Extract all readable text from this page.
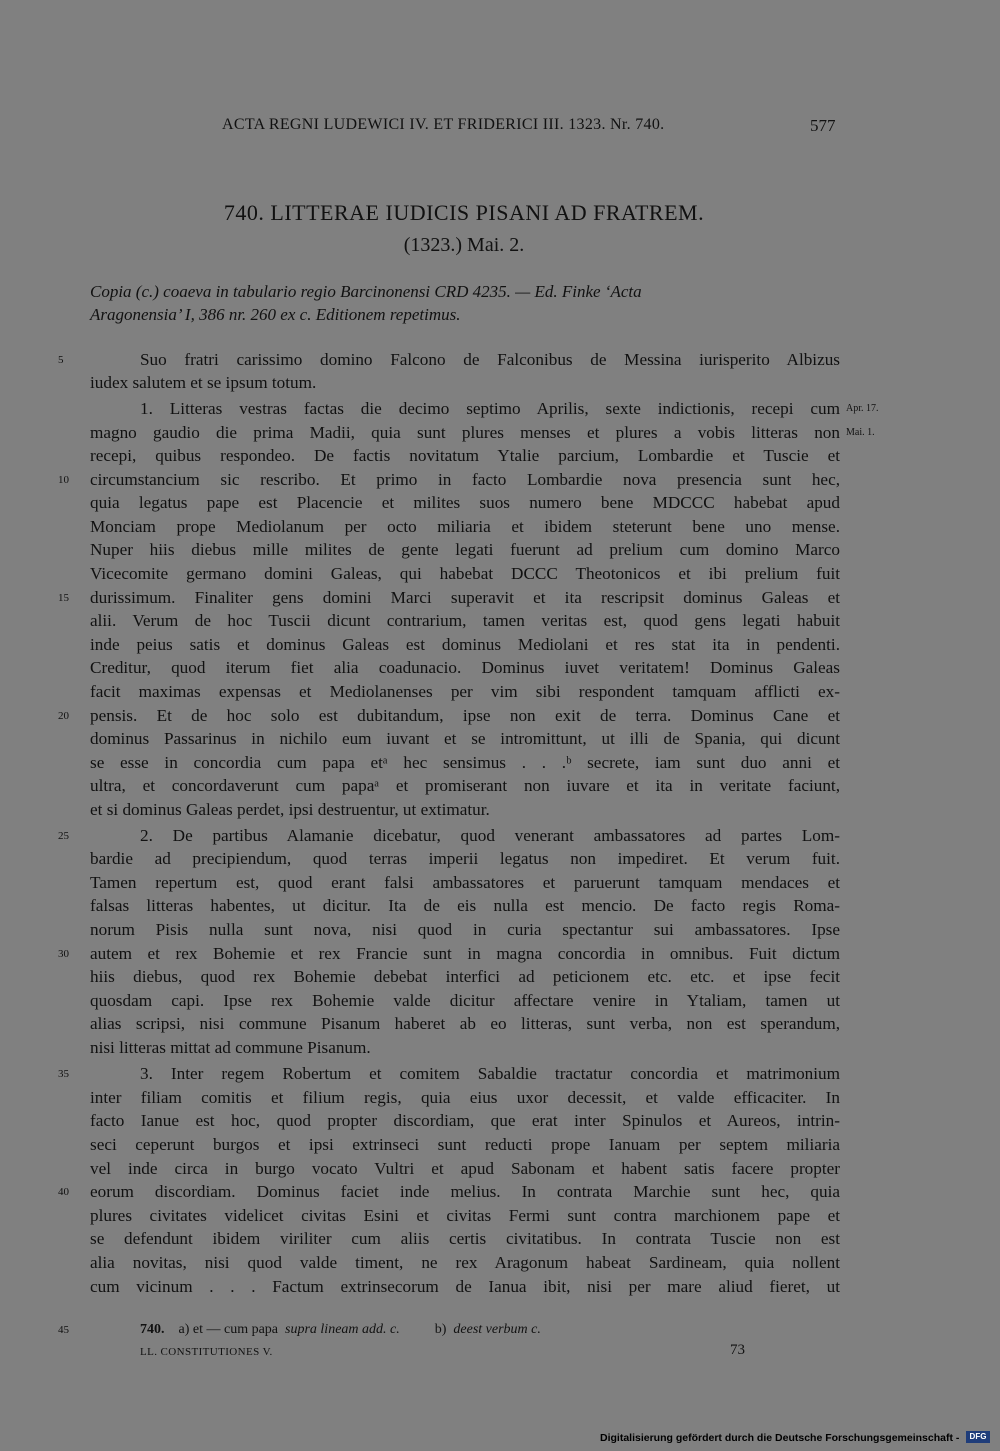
ACTA REGNI LUDEWICI IV. ET FRIDERICI III. 1323. Nr. 740.	577
740. LITTERAE IUDICIS PISANI AD FRATREM.
(1323.) Mai. 2.
Copia (c.) coaeva in tabulario regio Barcinonensi CRD 4235. — Ed. Finke ‘Acta
Aragonensia’ I, 386 nr. 260 ex c. Editionem repetimus.
Suo fratri carissimo domino Falcono de Falconibus de Messina iurisperito Albizus
iudex salutem et se ipsum totum.
1. Litteras vestras factas die decimo septimo Aprilis, sexte indictionis, recepi cum
magno gaudio die prima Madii, quia sunt plures menses et plures a vobis litteras non
recepi, quibus respondeo. De factis novitatum Ytalie parcium, Lombardie et Tuscie et
circumstancium sic rescribo. Et primo in facto Lombardie nova presencia sunt hec,
quia legatus pape est Placencie et milites suos numero bene MDCCC habebat apud
Monciam prope Mediolanum per octo miliaria et ibidem steterunt bene uno mense.
Nuper hiis diebus mille milites de gente legati fuerunt ad prelium cum domino Marco
Vicecomite germano domini Galeas, qui habebat DCCC Theotonicos et ibi prelium fuit
durissimum. Finaliter gens domini Marci superavit et ita rescripsit dominus Galeas et
alii. Verum de hoc Tuscii dicunt contrarium, tamen veritas est, quod gens legati habuit
inde peius satis et dominus Galeas est dominus Mediolani et res stat ita in pendenti.
Creditur, quod iterum fiet alia coadunacio. Dominus iuvet veritatem! Dominus Galeas
facit maximas expensas et Mediolanenses per vim sibi respondent tamquam afflicti ex-
pensis. Et de hoc solo est dubitandum, ipse non exit de terra. Dominus Cane et
dominus Passarinus in nichilo eum iuvant et se intromittunt, ut illi de Spania, qui dicunt
se esse in concordia cum papa etᵃ hec sensimus . . .ᵇ secrete, iam sunt duo anni et
ultra, et concordaverunt cum papaᵃ et promiserant non iuvare et ita in veritate faciunt,
et si dominus Galeas perdet, ipsi destruentur, ut extimatur.
2. De partibus Alamanie dicebatur, quod venerant ambassatores ad partes Lom-
bardie ad precipiendum, quod terras imperii legatus non impediret. Et verum fuit.
Tamen repertum est, quod erant falsi ambassatores et paruerunt tamquam mendaces et
falsas litteras habentes, ut dicitur. Ita de eis nulla est mencio. De facto regis Roma-
norum Pisis nulla sunt nova, nisi quod in curia spectantur sui ambassatores. Ipse
autem et rex Bohemie et rex Francie sunt in magna concordia in omnibus. Fuit dictum
hiis diebus, quod rex Bohemie debebat interfici ad peticionem etc. etc. et ipse fecit
quosdam capi. Ipse rex Bohemie valde dicitur affectare venire in Ytaliam, tamen ut
alias scripsi, nisi commune Pisanum haberet ab eo litteras, sunt verba, non est sperandum,
nisi litteras mittat ad commune Pisanum.
3. Inter regem Robertum et comitem Sabaldie tractatur concordia et matrimonium
inter filiam comitis et filium regis, quia eius uxor decessit, et valde efficaciter. In
facto Ianue est hoc, quod propter discordiam, que erat inter Spinulos et Aureos, intrin-
seci ceperunt burgos et ipsi extrinseci sunt reducti prope Ianuam per septem miliaria
vel inde circa in burgo vocato Vultri et apud Sabonam et habent satis facere propter
eorum discordiam. Dominus faciet inde melius. In contrata Marchie sunt hec, quia
plures civitates videlicet civitas Esini et civitas Fermi sunt contra marchionem pape et
se defendunt ibidem viriliter cum aliis certis civitatibus. In contrata Tuscie non est
alia novitas, nisi quod valde timent, ne rex Aragonum habeat Sardineam, quia nollent
cum vicinum . . . Factum extrinsecorum de Ianua ibit, nisi per mare aliud fieret, ut
5
10
15
20
25
30
35
40
45
Apr. 17.
Mai. 1.
740. a) et — cum papa supra lineam add. c.	b) deest verbum c.
LL. CONSTITUTIONES V.	73
Digitalisierung gefördert durch die Deutsche Forschungsgemeinschaft -	DFG
